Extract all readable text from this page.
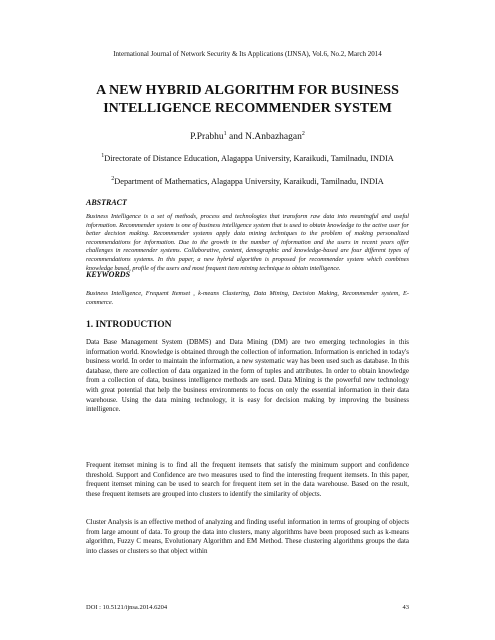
International Journal of Network Security & Its Applications (IJNSA), Vol.6, No.2, March 2014
A NEW HYBRID ALGORITHM FOR BUSINESS
INTELLIGENCE RECOMMENDER SYSTEM
P.Prabhu$^1$ and N.Anbazhagan$^2$
$^1$Directorate of Distance Education, Alagappa University, Karaikudi, Tamilnadu, INDIA
$^2$Department of Mathematics, Alagappa University, Karaikudi, Tamilnadu, INDIA
ABSTRACT
Business Intelligence is a set of methods, process and technologies that transform raw data into meaningful and useful information. Recommender system is one of business intelligence system that is used to obtain knowledge to the active user for better decision making. Recommender systems apply data mining techniques to the problem of making personalized recommendations for information. Due to the growth in the number of information and the users in recent years offer challenges in recommender systems. Collaborative, content, demographic and knowledge-based are four different types of recommendations systems. In this paper, a new hybrid algorithm is proposed for recommender system which combines knowledge based, profile of the users and most frequent item mining technique to obtain intelligence.
KEYWORDS
Business Intelligence, Frequent Itemset , k-means Clustering, Data Mining, Decision Making, Recommender system, E-commerce.
1. INTRODUCTION
Data Base Management System (DBMS) and Data Mining (DM) are two emerging technologies in this information world. Knowledge is obtained through the collection of information. Information is enriched in today's business world. In order to maintain the information, a new systematic way has been used such as database. In this database, there are collection of data organized in the form of tuples and attributes. In order to obtain knowledge from a collection of data, business intelligence methods are used. Data Mining is the powerful new technology with great potential that help the business environments to focus on only the essential information in their data warehouse. Using the data mining technology, it is easy for decision making by improving the business intelligence.
Frequent itemset mining is to find all the frequent itemsets that satisfy the minimum support and confidence threshold. Support and Confidence are two measures used to find the interesting frequent itemsets. In this paper, frequent itemset mining can be used to search for frequent item set in the data warehouse. Based on the result, these frequent itemsets are grouped into clusters to identify the similarity of objects.
Cluster Analysis is an effective method of analyzing and finding useful information in terms of grouping of objects from large amount of data. To group the data into clusters, many algorithms have been proposed such as k-means algorithm, Fuzzy C means, Evolutionary Algorithm and EM Method. These clustering algorithms groups the data into classes or clusters so that object within
DOI : 10.5121/ijnsa.2014.6204	43
